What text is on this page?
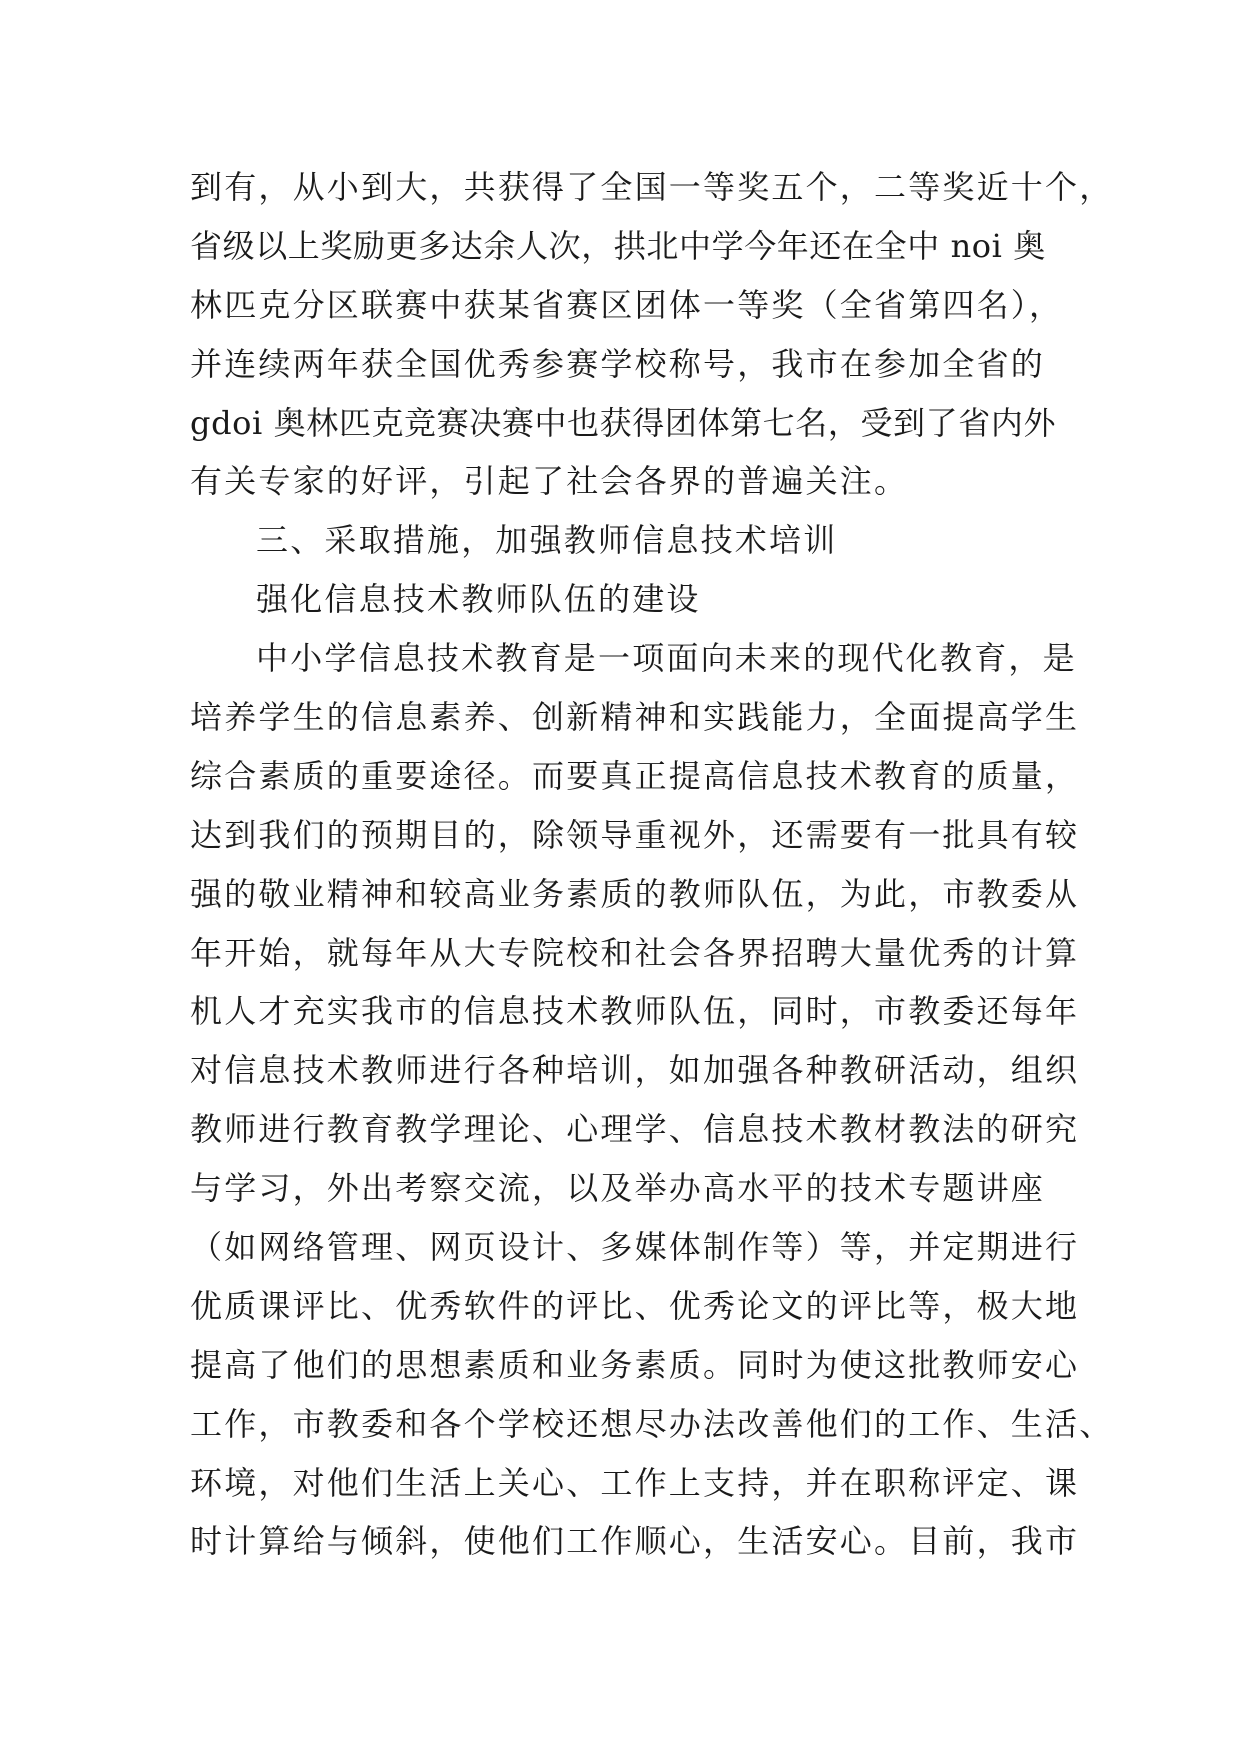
到有，从小到大，共获得了全国一等奖五个，二等奖近十个，
省级以上奖励更多达余人次，拱北中学今年还在全中 noi 奥
林匹克分区联赛中获某省赛区团体一等奖（全省第四名），
并连续两年获全国优秀参赛学校称号，我市在参加全省的
gdoi 奥林匹克竞赛决赛中也获得团体第七名，受到了省内外
有关专家的好评，引起了社会各界的普遍关注。
三、采取措施，加强教师信息技术培训
强化信息技术教师队伍的建设
中小学信息技术教育是一项面向未来的现代化教育，是
培养学生的信息素养、创新精神和实践能力，全面提高学生
综合素质的重要途径。而要真正提高信息技术教育的质量，
达到我们的预期目的，除领导重视外，还需要有一批具有较
强的敬业精神和较高业务素质的教师队伍，为此，市教委从
年开始，就每年从大专院校和社会各界招聘大量优秀的计算
机人才充实我市的信息技术教师队伍，同时，市教委还每年
对信息技术教师进行各种培训，如加强各种教研活动，组织
教师进行教育教学理论、心理学、信息技术教材教法的研究
与学习，外出考察交流，以及举办高水平的技术专题讲座
（如网络管理、网页设计、多媒体制作等）等，并定期进行
优质课评比、优秀软件的评比、优秀论文的评比等，极大地
提高了他们的思想素质和业务素质。同时为使这批教师安心
工作，市教委和各个学校还想尽办法改善他们的工作、生活、
环境，对他们生活上关心、工作上支持，并在职称评定、课
时计算给与倾斜，使他们工作顺心，生活安心。目前，我市
